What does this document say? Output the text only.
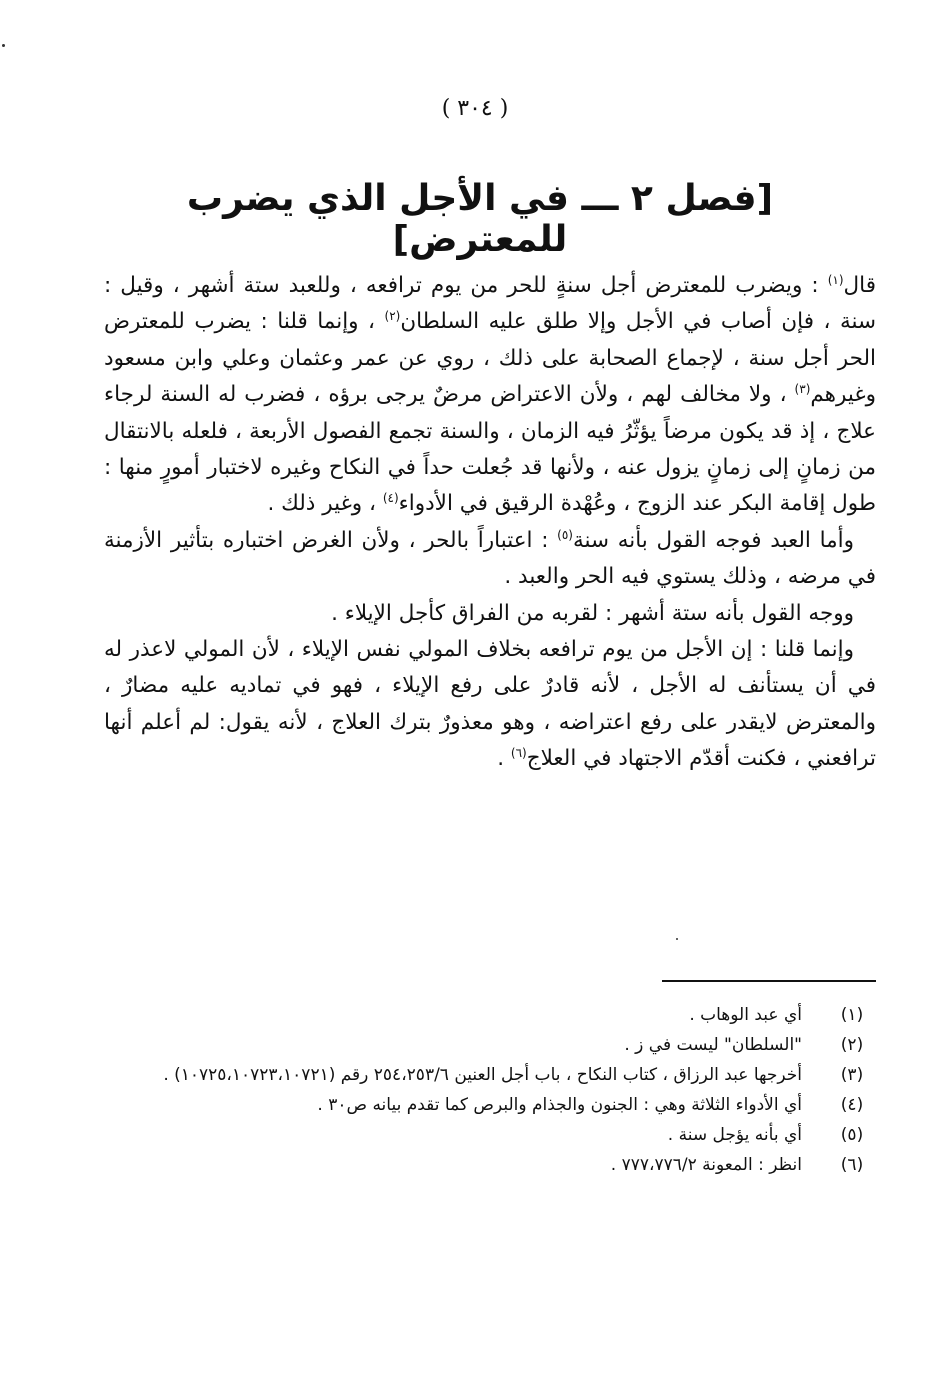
( ٣٠٤ )
[فصل ٢ ـــ في الأجل الذي يضرب للمعترض]

قال$^{(١)}$ : ويضرب للمعترض أجل سنةٍ للحر من يوم ترافعه ، وللعبد ستة أشهر ، وقيل : سنة ، فإن أصاب في الأجل وإلا طلق عليه السلطان$^{(٢)}$ ، وإنما قلنا : يضرب للمعترض الحر أجل سنة ، لإجماع الصحابة على ذلك ، روي عن عمر وعثمان وعلي وابن مسعود وغيرهم$^{(٣)}$ ، ولا مخالف لهم ، ولأن الاعتراض مرضٌ يرجى برؤه ، فضرب له السنة لرجاء علاج ، إذ قد يكون مرضاً يؤثّرُ فيه الزمان ، والسنة تجمع الفصول الأربعة ، فلعله بالانتقال من زمانٍ إلى زمانٍ يزول عنه ، ولأنها قد جُعلت حداً في النكاح وغيره لاختبار أمورٍ منها : طول إقامة البكر عند الزوج ، وعُهْدة الرقيق في الأدواء$^{(٤)}$ ، وغير ذلك .

وأما العبد فوجه القول بأنه سنة$^{(٥)}$ : اعتباراً بالحر ، ولأن الغرض اختباره بتأثير الأزمنة في مرضه ، وذلك يستوي فيه الحر والعبد .

ووجه القول بأنه ستة أشهر : لقربه من الفراق كأجل الإيلاء .

وإنما قلنا : إن الأجل من يوم ترافعه بخلاف المولي نفس الإيلاء ، لأن المولي لاعذر له في أن يستأنف له الأجل ، لأنه قادرٌ على رفع الإيلاء ، فهو في تماديه عليه مضارٌ ، والمعترض لايقدر على رفع اعتراضه ، وهو معذورٌ بترك العلاج ، لأنه يقول: لم أعلم أنها ترافعني ، فكنت أقدّم الاجتهاد في العلاج$^{(٦)}$ .

(١)
أي عبد الوهاب .
(٢)
"السلطان" ليست في ز .
(٣)
أخرجها عبد الرزاق ، كتاب النكاح ، باب أجل العنين ٢٥٤،٢٥٣/٦ رقم (١٠٧٢٥،١٠٧٢٣،١٠٧٢١) .
(٤)
أي الأدواء الثلاثة وهي : الجنون والجذام والبرص كما تقدم بيانه ص٣٠ .
(٥)
أي بأنه يؤجل سنة .
(٦)
انظر : المعونة ٧٧٧،٧٧٦/٢ .
